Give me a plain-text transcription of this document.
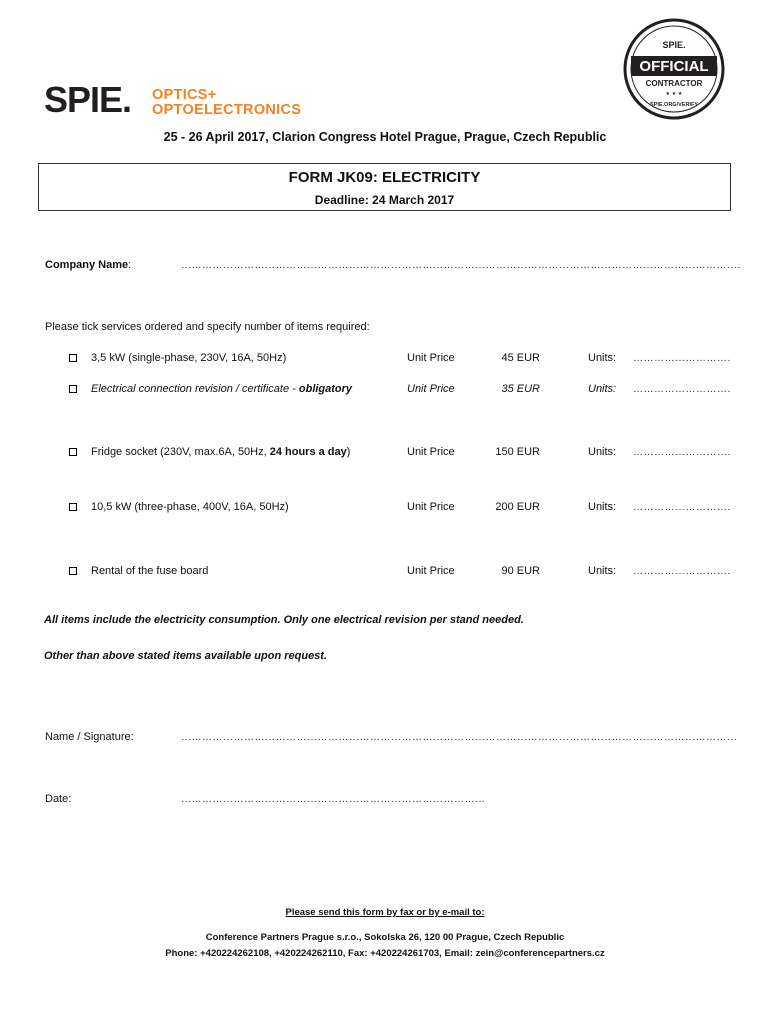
SPIE. OPTICS+
OPTOELECTRONICS
SPIE.
OFFICIAL
CONTRACTOR
★ ★ ★
SPIE.ORG/VERIFY
25 - 26 April 2017, Clarion Congress Hotel Prague, Prague, Czech Republic
FORM JK09: ELECTRICITY
Deadline: 24 March 2017
Company Name:	…………………………………………………………………………………………………………………………………………….
Please tick services ordered and specify number of items required:
3,5 kW (single-phase, 230V, 16A, 50Hz)	Unit Price	45 EUR	Units: ……………………….
Electrical connection revision / certificate - obligatory	Unit Price	35 EUR	Units: ……………………….
Fridge socket (230V, max.6A, 50Hz, 24 hours a day)	Unit Price	150 EUR	Units: ……………………….
10,5 kW (three-phase, 400V, 16A, 50Hz)	Unit Price	200 EUR	Units: ……………………….
Rental of the fuse board	Unit Price	90 EUR	Units: ……………………….
All items include the electricity consumption. Only one electrical revision per stand needed.
Other than above stated items available upon request.
Name / Signature:	……………………………………………………………………………………………………………………………………………
Date:	……………………………………………………………………………
Please send this form by fax or by e-mail to:
Conference Partners Prague s.r.o., Sokolska 26, 120 00 Prague, Czech Republic
Phone: +420224262108, +420224262110, Fax: +420224261703, Email: zein@conferencepartners.cz
